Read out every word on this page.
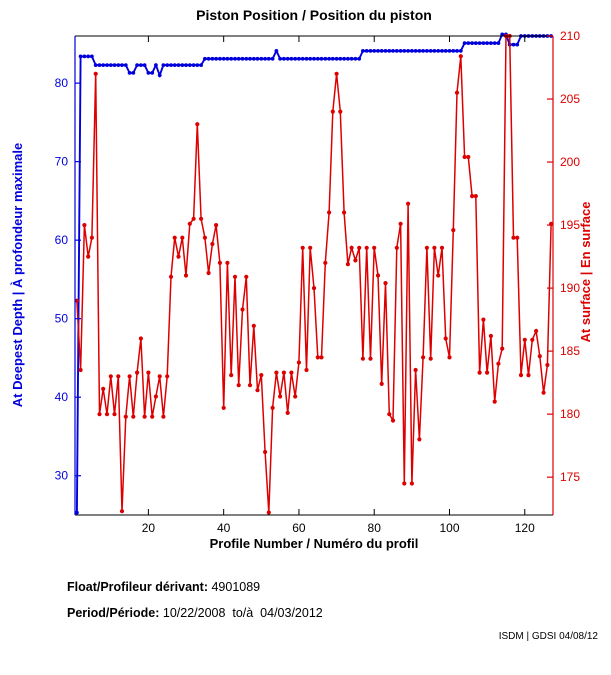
20	40	60	80	100	120
30
40
50
60
70
80
175
180
185
190
195
200
205
210
Piston Position / Position du piston
Profile Number / Numéro du profil
At Deepest Depth | À profondeur maximale	At surface | En surface
Float/Profileur dérivant: 4901089
Period/Période: 10/22/2008  to/à  04/03/2012
ISDM | GDSI 04/08/12
